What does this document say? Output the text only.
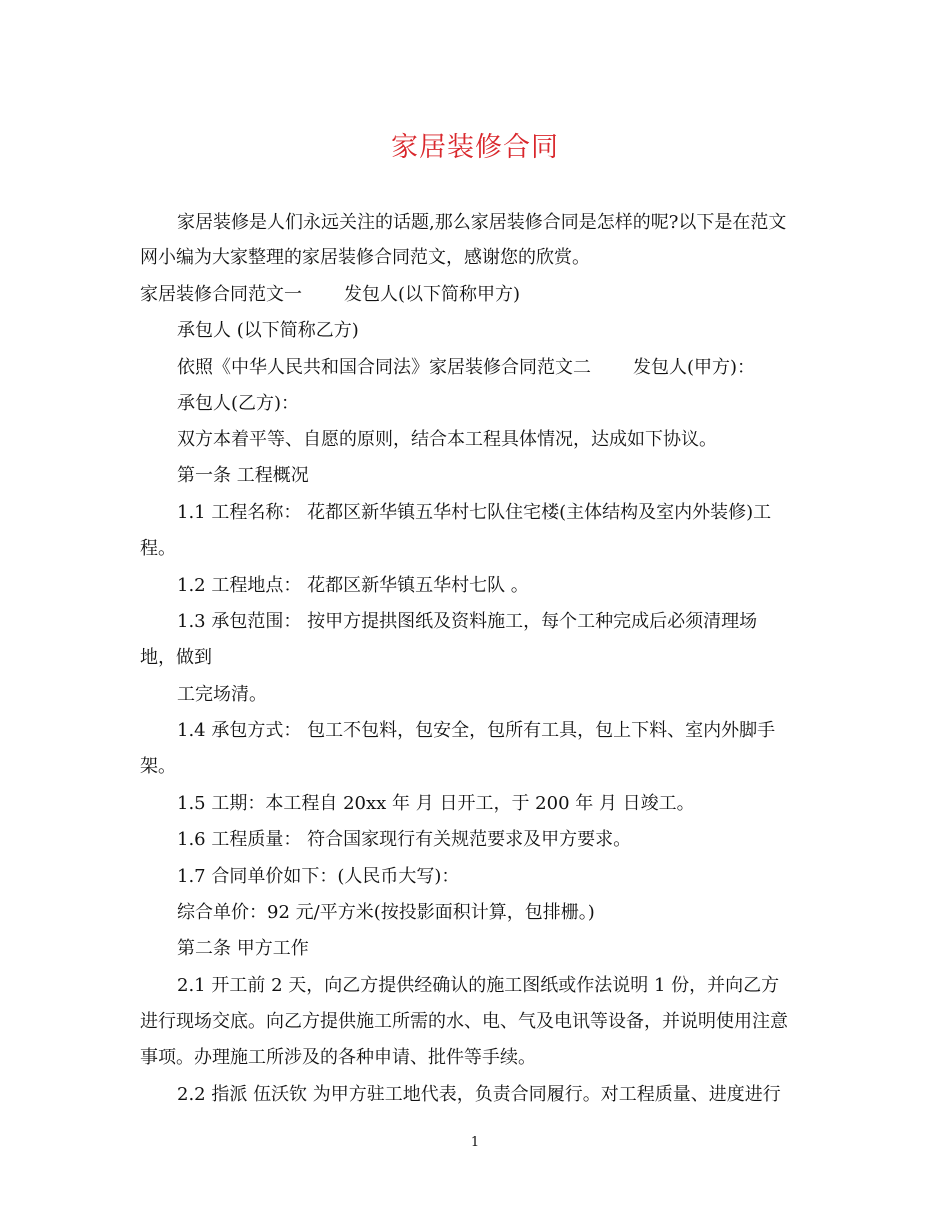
家居装修合同
家居装修是人们永远关注的话题,那么家居装修合同是怎样的呢?以下是在范文
网小编为大家整理的家居装修合同范文，感谢您的欣赏。
家居装修合同范文一 发包人(以下简称甲方)
承包人 (以下简称乙方)
依照《中华人民共和国合同法》家居装修合同范文二 发包人(甲方)：
承包人(乙方)：
双方本着平等、自愿的原则，结合本工程具体情况，达成如下协议。
第一条 工程概况
1.1 工程名称： 花都区新华镇五华村七队住宅楼(主体结构及室内外装修)工
程。
1.2 工程地点： 花都区新华镇五华村七队 。
1.3 承包范围： 按甲方提拱图纸及资料施工，每个工种完成后必须清理场
地，做到
工完场清。
1.4 承包方式： 包工不包料，包安全，包所有工具，包上下料、室内外脚手
架。
1.5 工期：本工程自 20xx 年 月 日开工，于 200 年 月 日竣工。
1.6 工程质量： 符合国家现行有关规范要求及甲方要求。
1.7 合同单价如下：(人民币大写)：
综合单价：92 元/平方米(按投影面积计算，包排栅。)
第二条 甲方工作
2.1 开工前 2 天，向乙方提供经确认的施工图纸或作法说明 1 份，并向乙方
进行现场交底。向乙方提供施工所需的水、电、气及电讯等设备，并说明使用注意
事项。办理施工所涉及的各种申请、批件等手续。
2.2 指派 伍沃钦 为甲方驻工地代表，负责合同履行。对工程质量、进度进行
1
